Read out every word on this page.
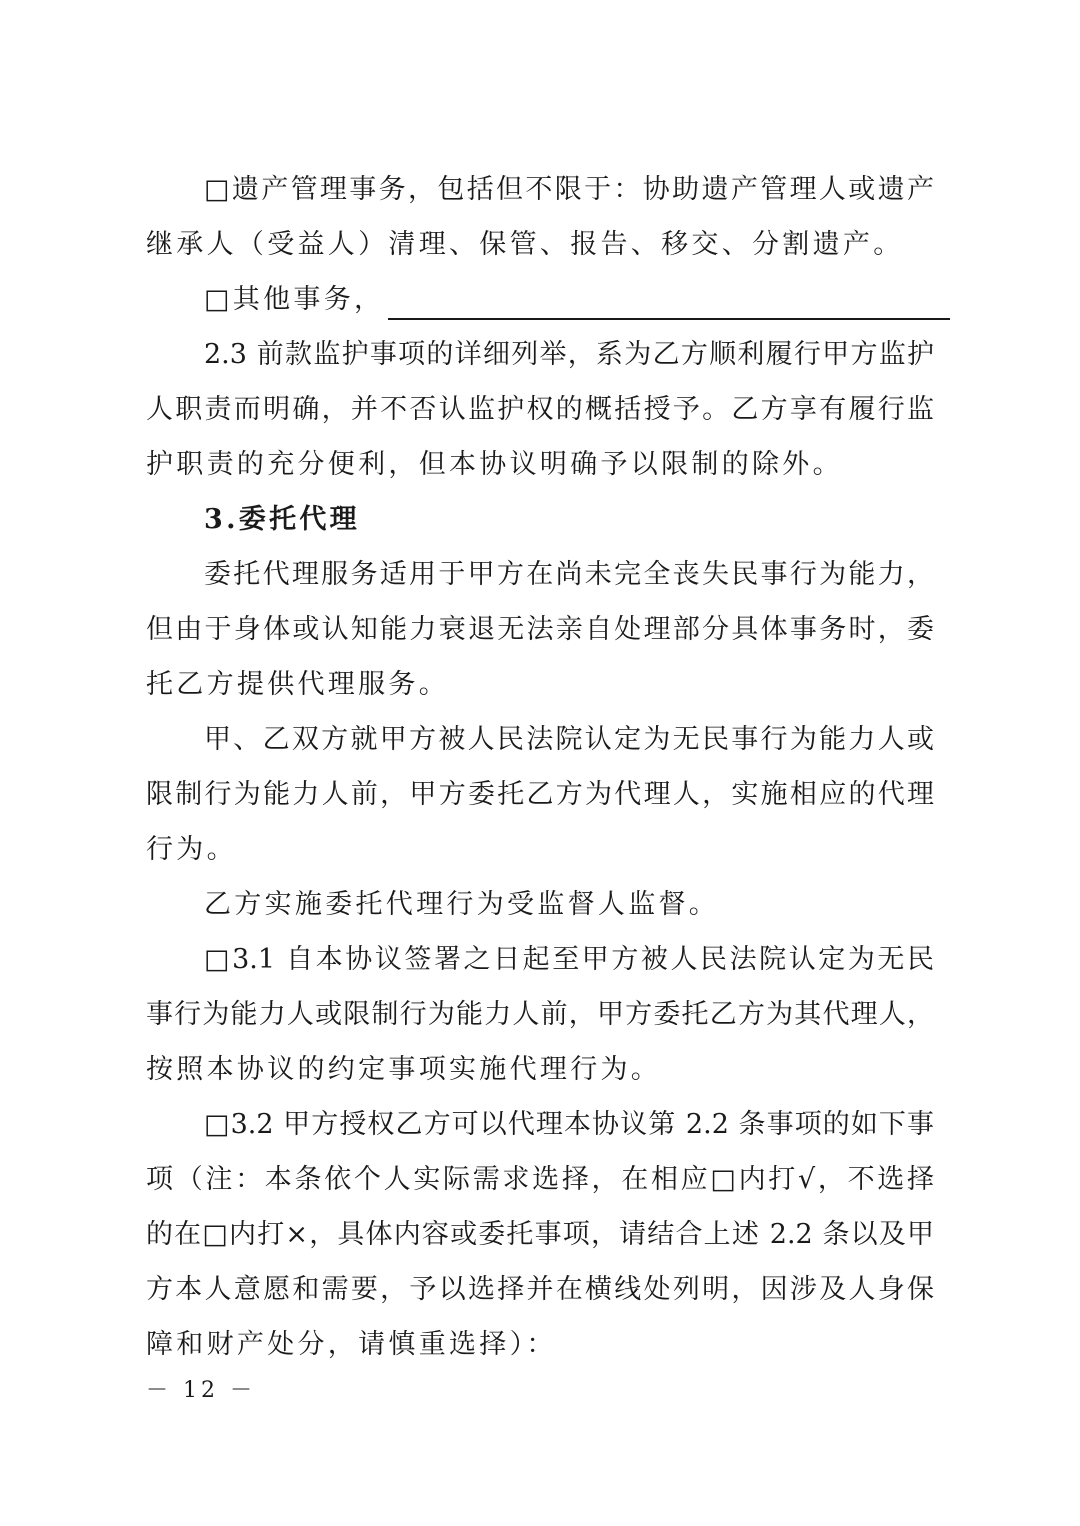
□遗产管理事务，包括但不限于：协助遗产管理人或遗产
继承人（受益人）清理、保管、报告、移交、分割遗产。
□其他事务，
2.3 前款监护事项的详细列举，系为乙方顺利履行甲方监护
人职责而明确，并不否认监护权的概括授予。乙方享有履行监
护职责的充分便利，但本协议明确予以限制的除外。
3.委托代理
委托代理服务适用于甲方在尚未完全丧失民事行为能力，
但由于身体或认知能力衰退无法亲自处理部分具体事务时，委
托乙方提供代理服务。
甲、乙双方就甲方被人民法院认定为无民事行为能力人或
限制行为能力人前，甲方委托乙方为代理人，实施相应的代理
行为。
乙方实施委托代理行为受监督人监督。
□3.1 自本协议签署之日起至甲方被人民法院认定为无民
事行为能力人或限制行为能力人前，甲方委托乙方为其代理人，
按照本协议的约定事项实施代理行为。
□3.2 甲方授权乙方可以代理本协议第 2.2 条事项的如下事
项（注：本条依个人实际需求选择，在相应□内打√，不选择
的在□内打×，具体内容或委托事项，请结合上述 2.2 条以及甲
方本人意愿和需要，予以选择并在横线处列明，因涉及人身保
障和财产处分，请慎重选择）：
－ 12 －
